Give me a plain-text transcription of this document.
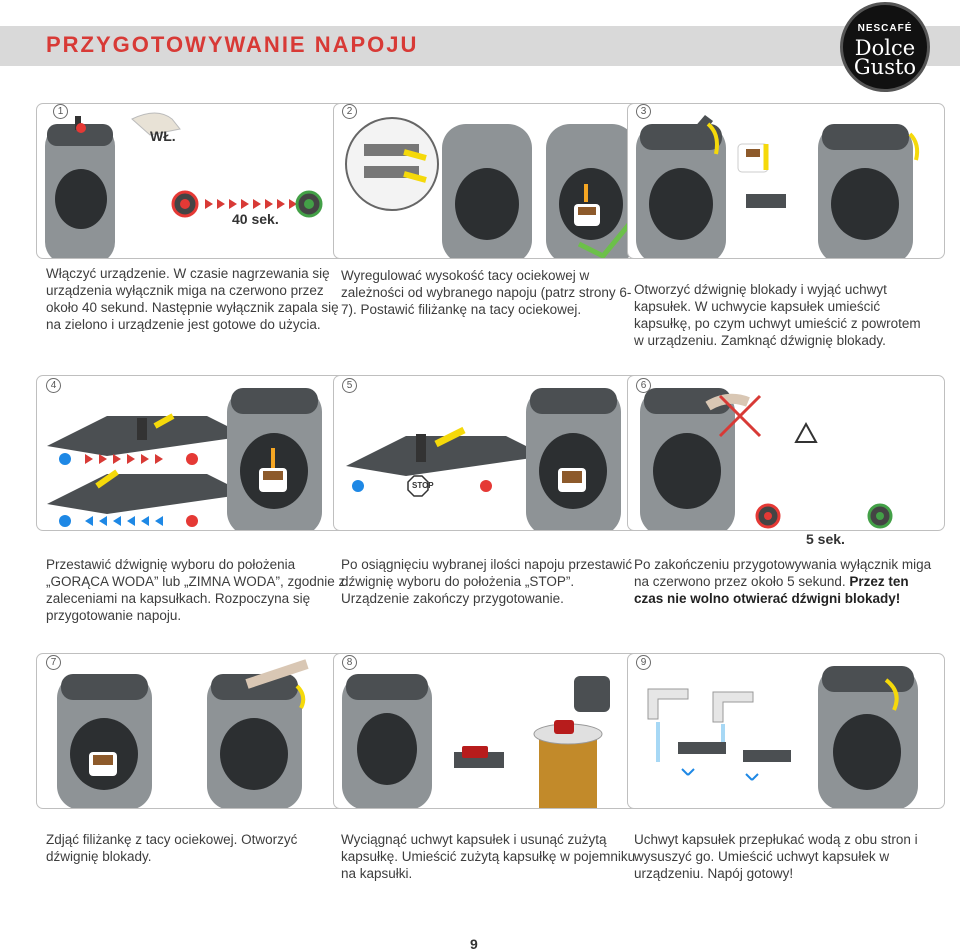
PRZYGOTOWYWANIE NAPOJU
NESCAFÉ
Dolce
Gusto
1
WŁ.
40 sek.
Włączyć urządzenie. W czasie nagrzewania się urządzenia wyłącznik miga na czerwono przez około 40 sekund. Następnie wyłącznik zapala się na zielono i urządzenie jest gotowe do użycia.
2
Wyregulować wysokość tacy ociekowej w zależności od wybranego napoju (patrz strony 6-7). Postawić filiżankę na tacy ociekowej.
3
Otworzyć dźwignię blokady i wyjąć uchwyt kapsułek. W uchwycie kapsułek umieścić kapsułkę, po czym uchwyt umieścić z powrotem w urządzeniu. Zamknąć dźwignię blokady.
4
Przestawić dźwignię wyboru do położenia „GORĄCA WODA” lub „ZIMNA WODA”, zgodnie z zaleceniami na kapsułkach. Rozpoczyna się przygotowanie napoju.
5
STOP
Po osiągnięciu wybranej ilości napoju przestawić dźwignię wyboru do położenia „STOP”. Urządzenie zakończy przygotowanie.
6
5 sek.
Po zakończeniu przygotowywania wyłącznik miga na czerwono przez około 5 sekund. Przez ten czas nie wolno otwierać dźwigni blokady!
7
Zdjąć filiżankę z tacy ociekowej. Otworzyć dźwignię blokady.
8
Wyciągnąć uchwyt kapsułek i usunąć zużytą kapsułkę. Umieścić zużytą kapsułkę w pojemniku na kapsułki.
9
Uchwyt kapsułek przepłukać wodą z obu stron i wysuszyć go. Umieścić uchwyt kapsułek w urządzeniu. Napój gotowy!
9
